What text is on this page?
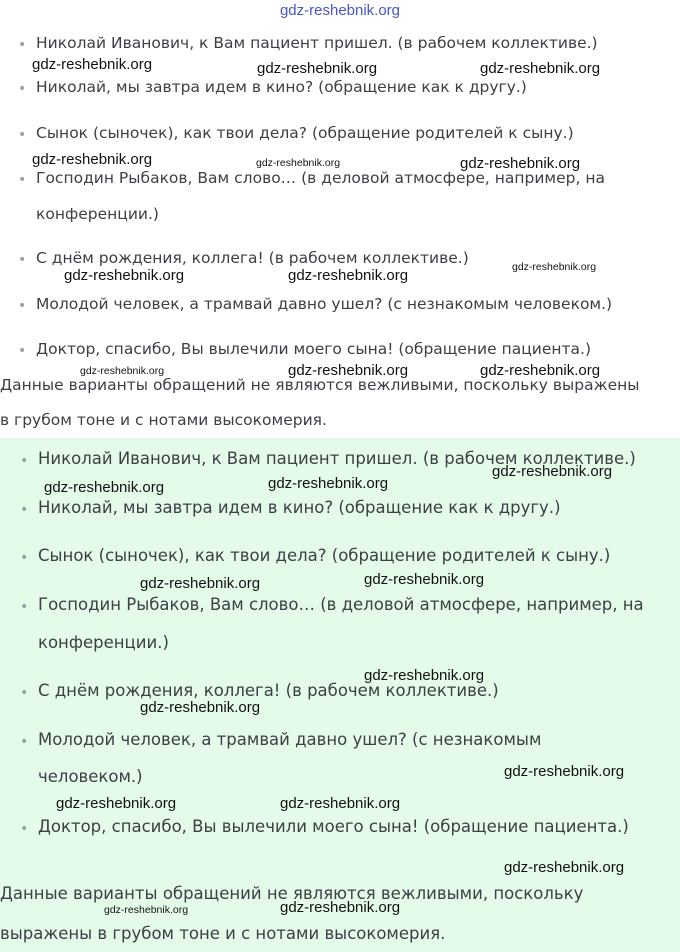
gdz-reshebnik.org
• Николай Иванович, к Вам пациент пришел. (в рабочем коллективе.)
• Николай, мы завтра идем в кино? (обращение как к другу.)
• Сынок (сыночек), как твои дела? (обращение родителей к сыну.)
• Господин Рыбаков, Вам слово… (в деловой атмосфере, например, на
конференции.)
• С днём рождения, коллега! (в рабочем коллективе.)
• Молодой человек, а трамвай давно ушел? (с незнакомым человеком.)
• Доктор, спасибо, Вы вылечили моего сына! (обращение пациента.)
Данные варианты обращений не являются вежливыми, поскольку выражены
в грубом тоне и с нотами высокомерия.
• Николай Иванович, к Вам пациент пришел. (в рабочем коллективе.)
• Николай, мы завтра идем в кино? (обращение как к другу.)
• Сынок (сыночек), как твои дела? (обращение родителей к сыну.)
• Господин Рыбаков, Вам слово… (в деловой атмосфере, например, на
конференции.)
• С днём рождения, коллега! (в рабочем коллективе.)
• Молодой человек, а трамвай давно ушел? (с незнакомым
человеком.)
• Доктор, спасибо, Вы вылечили моего сына! (обращение пациента.)
Данные варианты обращений не являются вежливыми, поскольку
выражены в грубом тоне и с нотами высокомерия.
gdz-reshebnik.org	gdz-reshebnik.org	gdz-reshebnik.org
gdz-reshebnik.org	gdz-reshebnik.org	gdz-reshebnik.org
gdz-reshebnik.org	gdz-reshebnik.org	gdz-reshebnik.org
gdz-reshebnik.org	gdz-reshebnik.org	gdz-reshebnik.org
gdz-reshebnik.org
gdz-reshebnik.org	gdz-reshebnik.org
gdz-reshebnik.org	gdz-reshebnik.org
gdz-reshebnik.org
gdz-reshebnik.org
gdz-reshebnik.org
gdz-reshebnik.org	gdz-reshebnik.org
gdz-reshebnik.org
gdz-reshebnik.org	gdz-reshebnik.org
